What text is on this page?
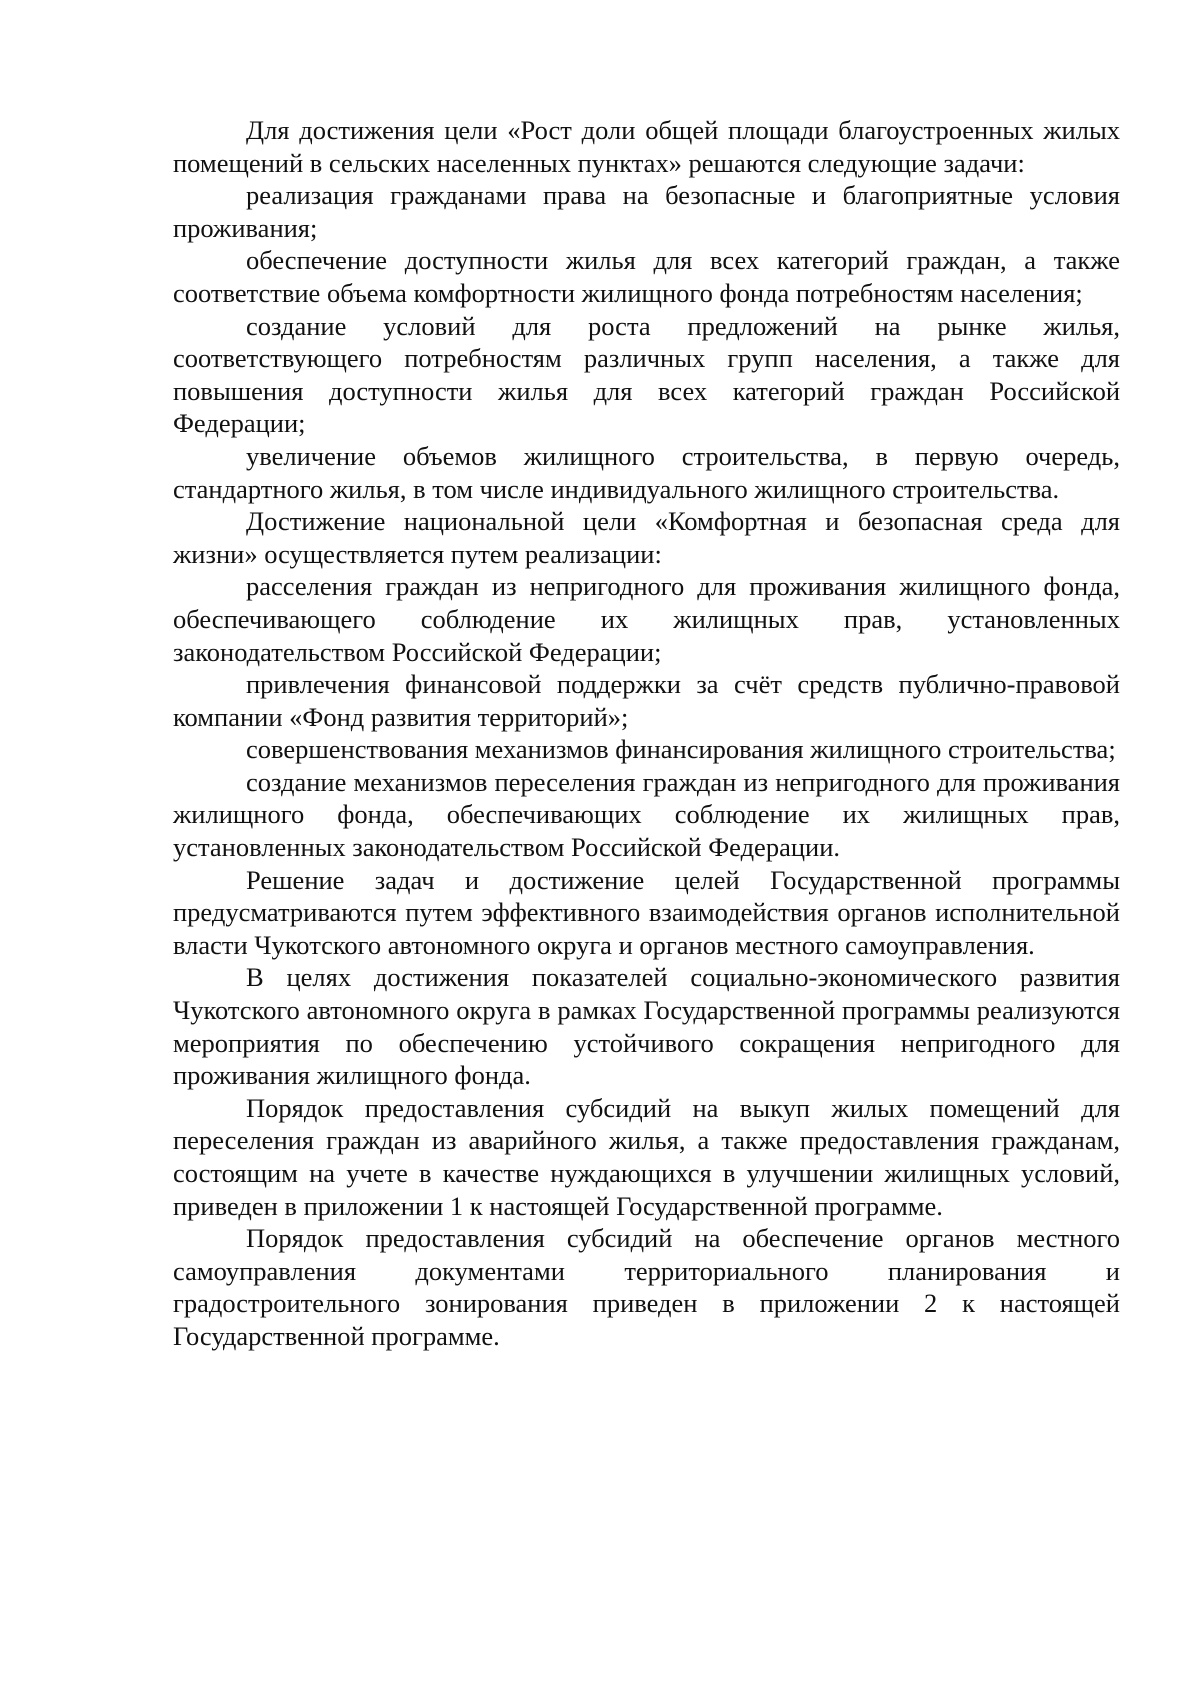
Для достижения цели «Рост доли общей площади благоустроенных жилых помещений в сельских населенных пунктах» решаются следующие задачи:

реализация гражданами права на безопасные и благоприятные условия проживания;

обеспечение доступности жилья для всех категорий граждан, а также соответствие объема комфортности жилищного фонда потребностям населения;

создание условий для роста предложений на рынке жилья, соответствующего потребностям различных групп населения, а также для повышения доступности жилья для всех категорий граждан Российской Федерации;

увеличение объемов жилищного строительства, в первую очередь, стандартного жилья, в том числе индивидуального жилищного строительства.

Достижение национальной цели «Комфортная и безопасная среда для жизни» осуществляется путем реализации:

расселения граждан из непригодного для проживания жилищного фонда, обеспечивающего соблюдение их жилищных прав, установленных законодательством Российской Федерации;

привлечения финансовой поддержки за счёт средств публично-правовой компании «Фонд развития территорий»;

совершенствования механизмов финансирования жилищного строительства;

создание механизмов переселения граждан из непригодного для проживания жилищного фонда, обеспечивающих соблюдение их жилищных прав, установленных законодательством Российской Федерации.

Решение задач и достижение целей Государственной программы предусматриваются путем эффективного взаимодействия органов исполнительной власти Чукотского автономного округа и органов местного самоуправления.

В целях достижения показателей социально-экономического развития Чукотского автономного округа в рамках Государственной программы реализуются мероприятия по обеспечению устойчивого сокращения непригодного для проживания жилищного фонда.

Порядок предоставления субсидий на выкуп жилых помещений для переселения граждан из аварийного жилья, а также предоставления гражданам, состоящим на учете в качестве нуждающихся в улучшении жилищных условий, приведен в приложении 1 к настоящей Государственной программе.

Порядок предоставления субсидий на обеспечение органов местного самоуправления документами территориального планирования и градостроительного зонирования приведен в приложении 2 к настоящей Государственной программе.
